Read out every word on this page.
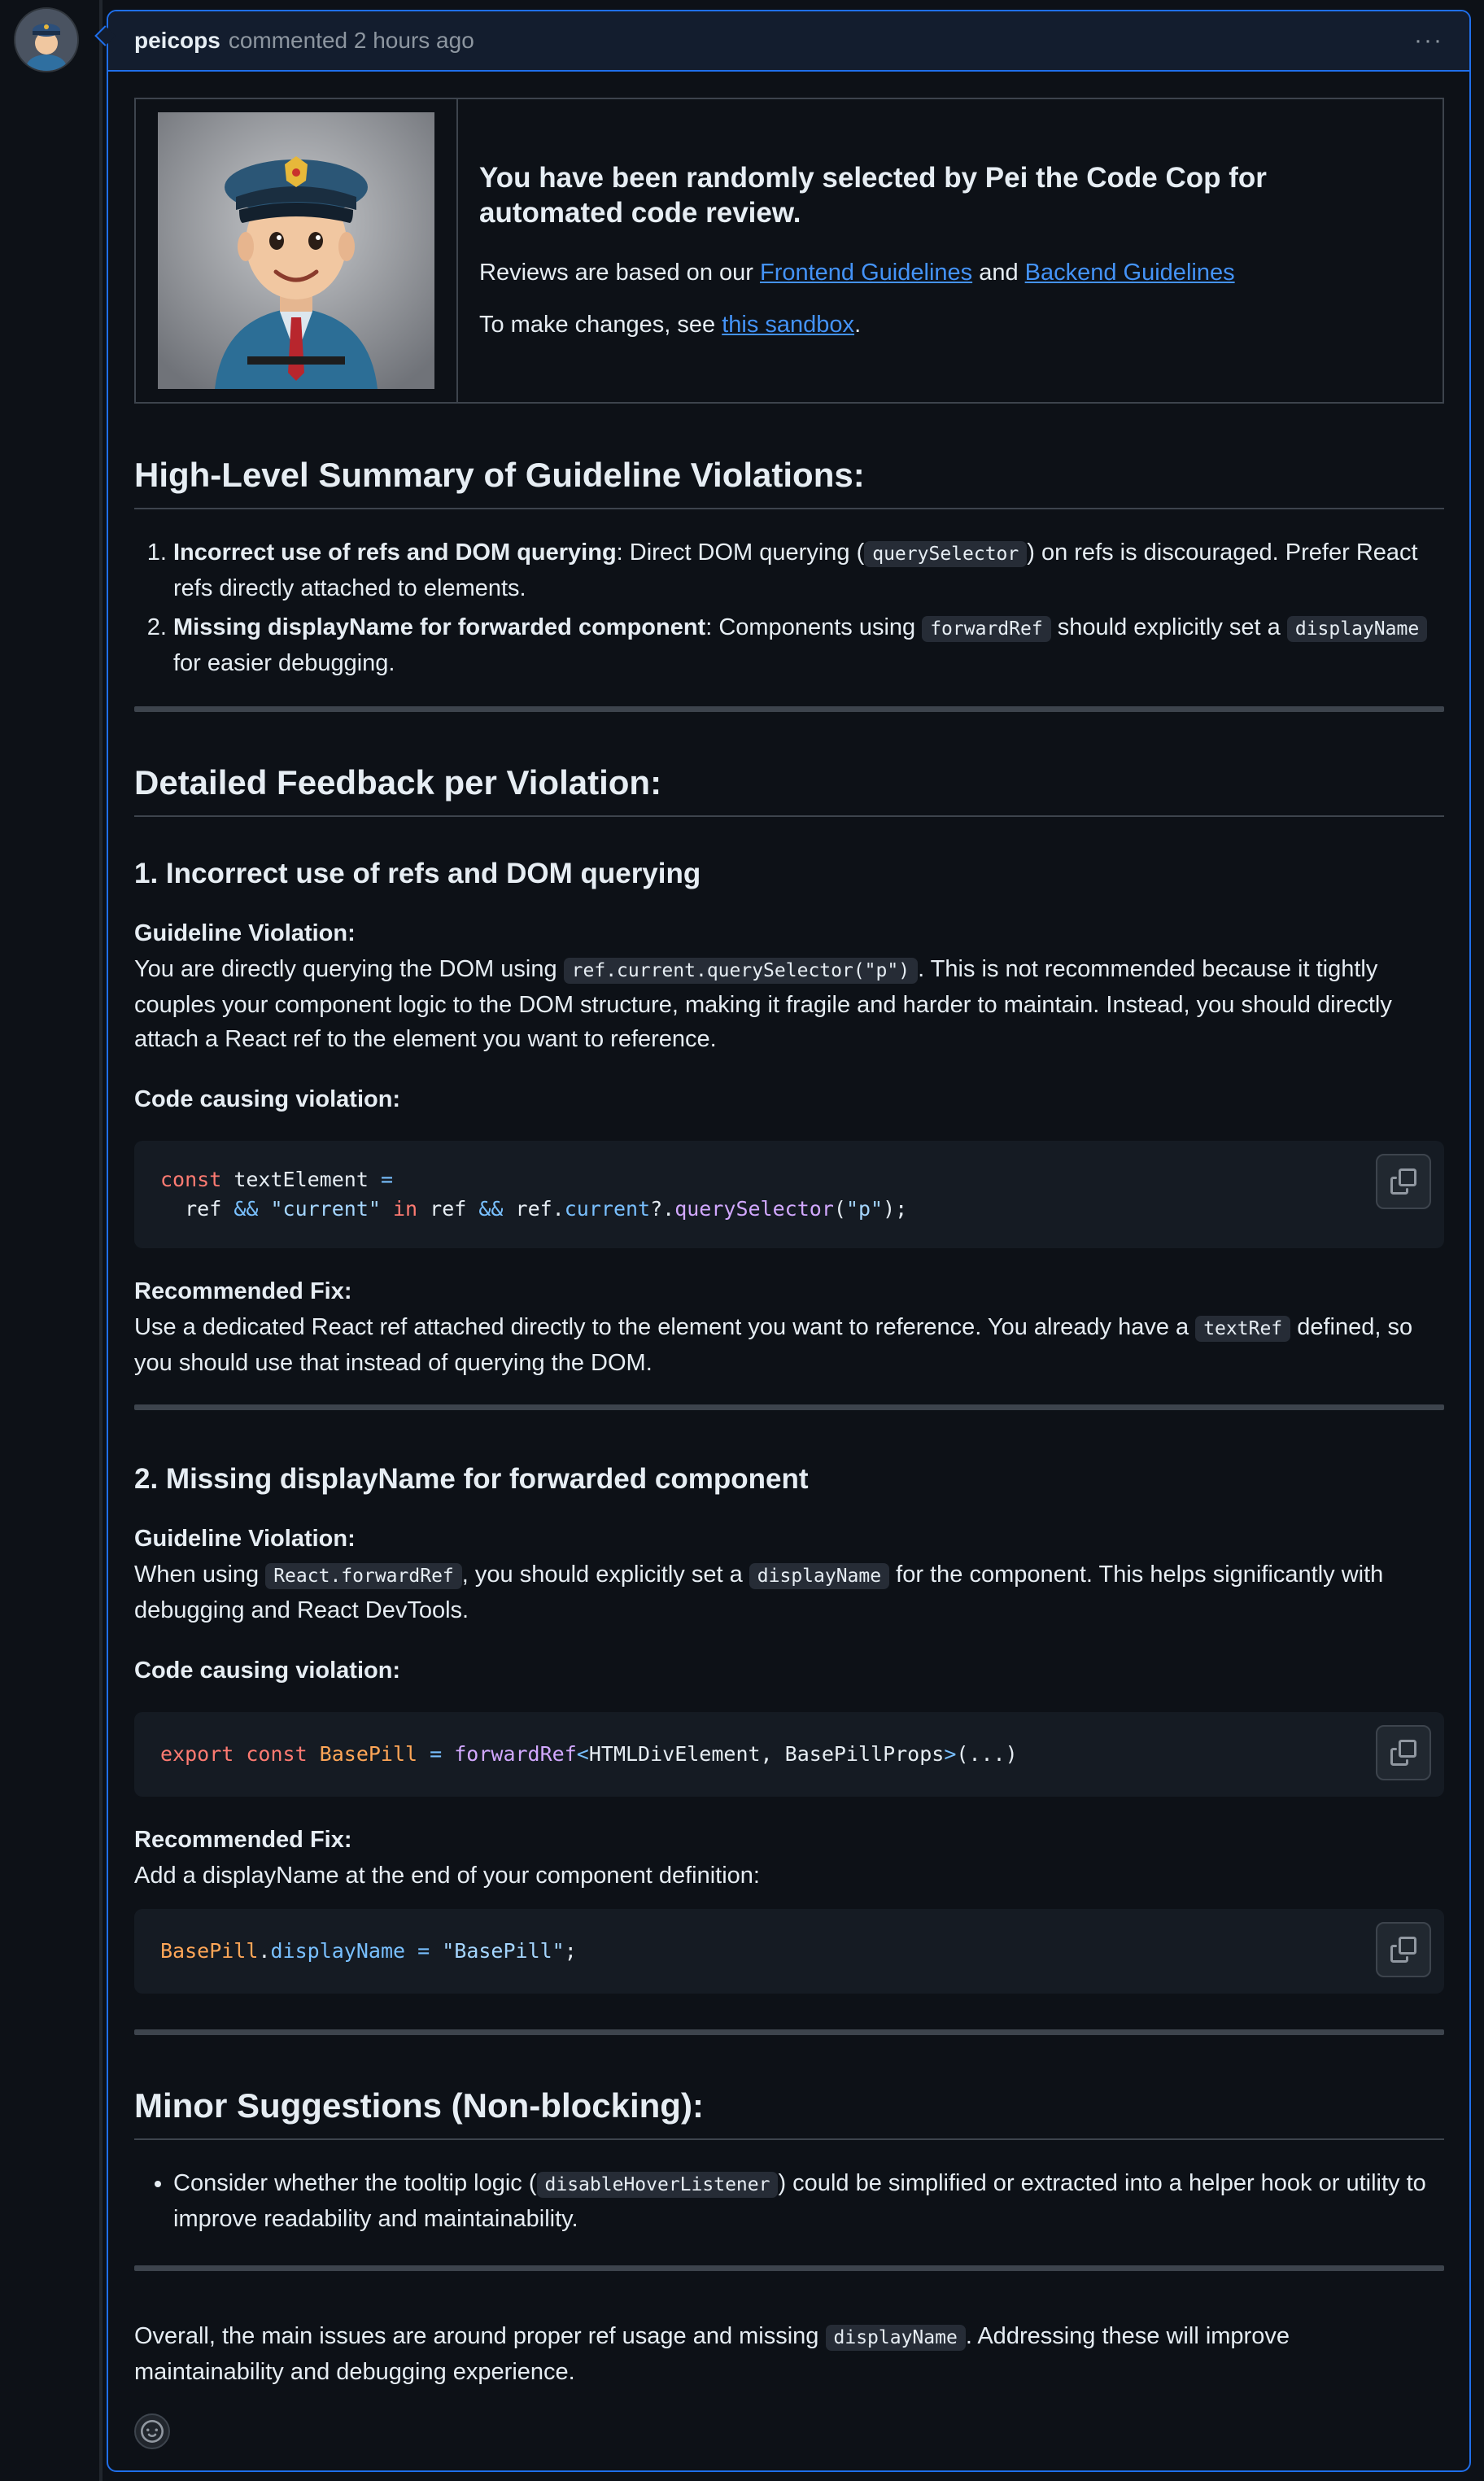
peicops commented 2 hours ago	···

You have been randomly selected by Pei the Code Cop for automated code review.

Reviews are based on our Frontend Guidelines and Backend Guidelines

To make changes, see this sandbox.

High-Level Summary of Guideline Violations:
1. Incorrect use of refs and DOM querying: Direct DOM querying ( querySelector ) on refs is discouraged. Prefer React refs directly attached to elements.
2. Missing displayName for forwarded component: Components using forwardRef should explicitly set a displayName for easier debugging.
Detailed Feedback per Violation:
1. Incorrect use of refs and DOM querying

Guideline Violation:

You are directly querying the DOM using ref.current.querySelector("p") . This is not recommended because it tightly couples your component logic to the DOM structure, making it fragile and harder to maintain. Instead, you should directly attach a React ref to the element you want to reference.

Code causing violation:

const textElement =
ref && "current" in ref && ref.current?.querySelector("p");

Recommended Fix:

Use a dedicated React ref attached directly to the element you want to reference. You already have a textRef defined, so you should use that instead of querying the DOM.

2. Missing displayName for forwarded component

Guideline Violation:

When using React.forwardRef , you should explicitly set a displayName for the component. This helps significantly with debugging and React DevTools.

Code causing violation:

export const BasePill = forwardRef<HTMLDivElement, BasePillProps>(...)

Recommended Fix:

Add a displayName at the end of your component definition:

BasePill.displayName = "BasePill";
Minor Suggestions (Non-blocking):
• Consider whether the tooltip logic ( disableHoverListener ) could be simplified or extracted into a helper hook or utility to improve readability and maintainability.

Overall, the main issues are around proper ref usage and missing displayName . Addressing these will improve maintainability and debugging experience.
